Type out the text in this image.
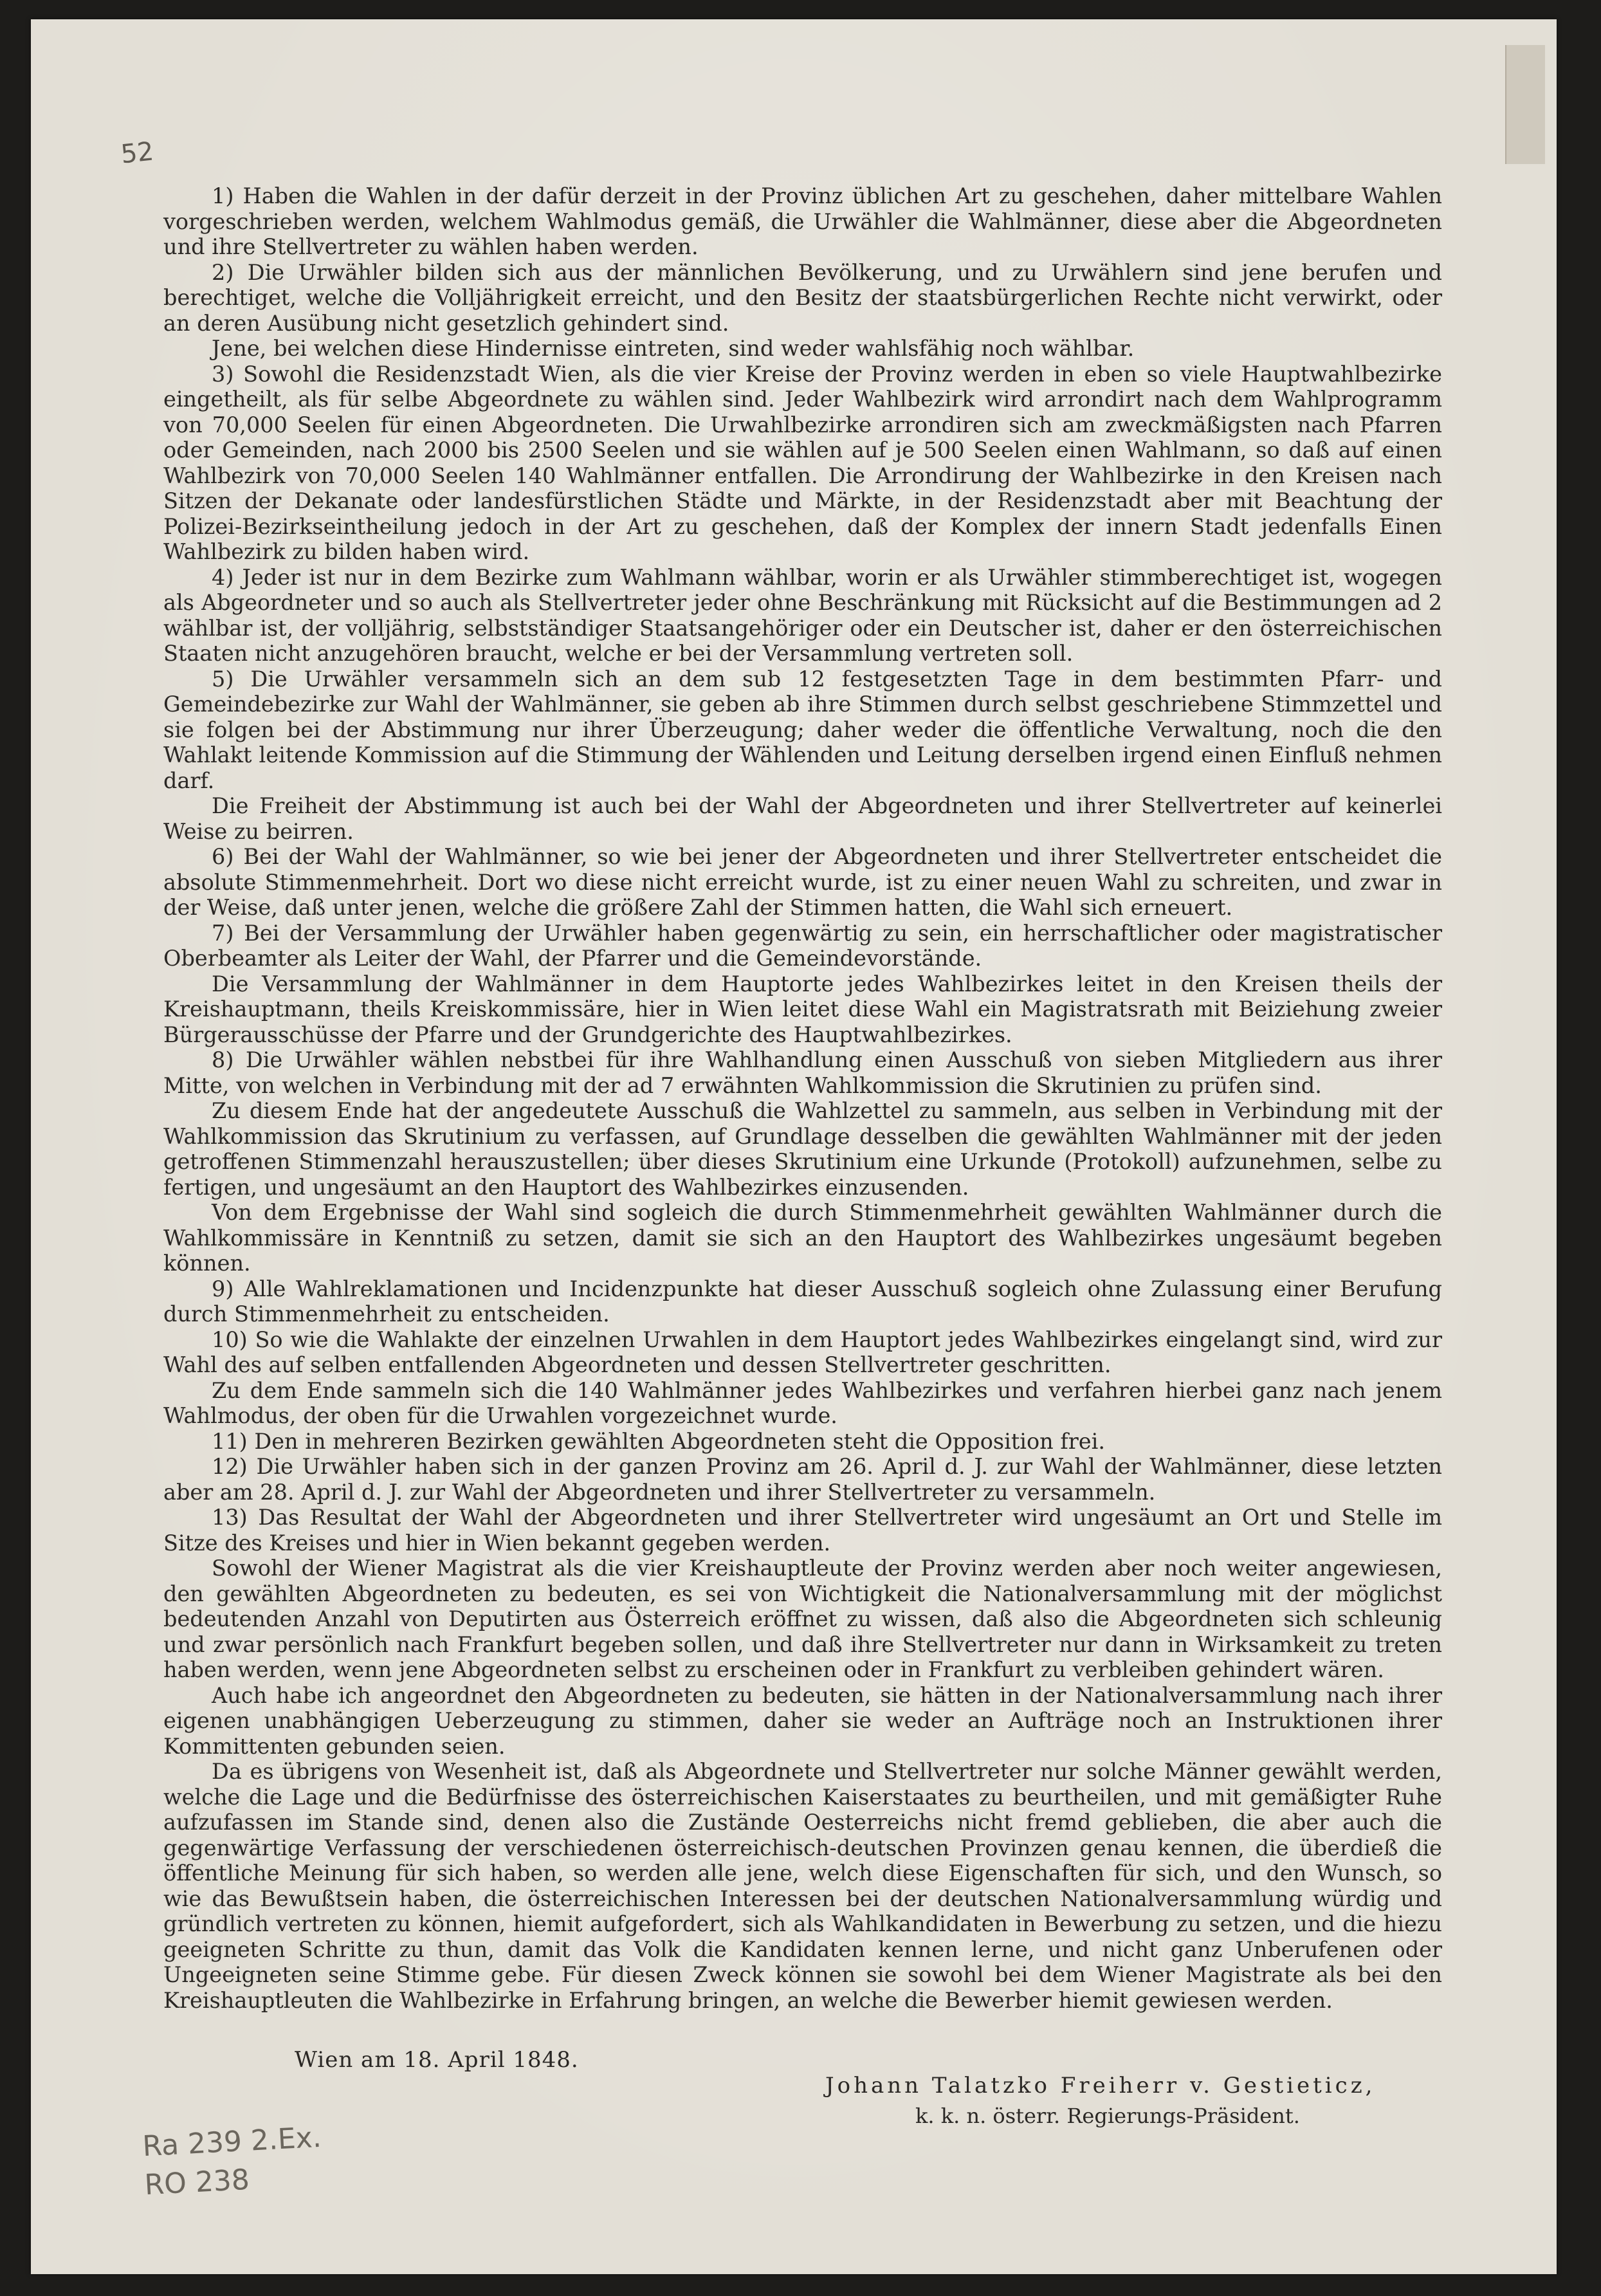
52

1) Haben die Wahlen in der dafür derzeit in der Provinz üblichen Art zu geschehen, daher mittelbare Wahlen vorgeschrieben werden, welchem Wahlmodus gemäß, die Urwähler die Wahlmänner, diese aber die Abgeordneten und ihre Stellvertreter zu wählen haben werden.

2) Die Urwähler bilden sich aus der männlichen Bevölkerung, und zu Urwählern sind jene berufen und berechtiget, welche die Volljährigkeit erreicht, und den Besitz der staatsbürgerlichen Rechte nicht verwirkt, oder an deren Ausübung nicht gesetzlich gehindert sind.

Jene, bei welchen diese Hindernisse eintreten, sind weder wahlsfähig noch wählbar.

3) Sowohl die Residenzstadt Wien, als die vier Kreise der Provinz werden in eben so viele Hauptwahlbezirke eingetheilt, als für selbe Abgeordnete zu wählen sind. Jeder Wahlbezirk wird arrondirt nach dem Wahlprogramm von 70,000 Seelen für einen Abgeordneten. Die Urwahlbezirke arrondiren sich am zweckmäßigsten nach Pfarren oder Gemeinden, nach 2000 bis 2500 Seelen und sie wählen auf je 500 Seelen einen Wahlmann, so daß auf einen Wahlbezirk von 70,000 Seelen 140 Wahlmänner entfallen. Die Arrondirung der Wahlbezirke in den Kreisen nach Sitzen der Dekanate oder landesfürstlichen Städte und Märkte, in der Residenzstadt aber mit Beachtung der Polizei-Bezirkseintheilung jedoch in der Art zu geschehen, daß der Komplex der innern Stadt jedenfalls Einen Wahlbezirk zu bilden haben wird.

4) Jeder ist nur in dem Bezirke zum Wahlmann wählbar, worin er als Urwähler stimmberechtiget ist, wogegen als Abgeordneter und so auch als Stellvertreter jeder ohne Beschränkung mit Rücksicht auf die Bestimmungen ad 2 wählbar ist, der volljährig, selbstständiger Staatsangehöriger oder ein Deutscher ist, daher er den österreichischen Staaten nicht anzugehören braucht, welche er bei der Versammlung vertreten soll.

5) Die Urwähler versammeln sich an dem sub 12 festgesetzten Tage in dem bestimmten Pfarr- und Gemeindebezirke zur Wahl der Wahlmänner, sie geben ab ihre Stimmen durch selbst geschriebene Stimmzettel und sie folgen bei der Abstimmung nur ihrer Überzeugung; daher weder die öffentliche Verwaltung, noch die den Wahlakt leitende Kommission auf die Stimmung der Wählenden und Leitung derselben irgend einen Einfluß nehmen darf.

Die Freiheit der Abstimmung ist auch bei der Wahl der Abgeordneten und ihrer Stellvertreter auf keinerlei Weise zu beirren.

6) Bei der Wahl der Wahlmänner, so wie bei jener der Abgeordneten und ihrer Stellvertreter entscheidet die absolute Stimmenmehrheit. Dort wo diese nicht erreicht wurde, ist zu einer neuen Wahl zu schreiten, und zwar in der Weise, daß unter jenen, welche die größere Zahl der Stimmen hatten, die Wahl sich erneuert.

7) Bei der Versammlung der Urwähler haben gegenwärtig zu sein, ein herrschaftlicher oder magistratischer Oberbeamter als Leiter der Wahl, der Pfarrer und die Gemeindevorstände.

Die Versammlung der Wahlmänner in dem Hauptorte jedes Wahlbezirkes leitet in den Kreisen theils der Kreishauptmann, theils Kreiskommissäre, hier in Wien leitet diese Wahl ein Magistratsrath mit Beiziehung zweier Bürgerausschüsse der Pfarre und der Grundgerichte des Hauptwahlbezirkes.

8) Die Urwähler wählen nebstbei für ihre Wahlhandlung einen Ausschuß von sieben Mitgliedern aus ihrer Mitte, von welchen in Verbindung mit der ad 7 erwähnten Wahlkommission die Skrutinien zu prüfen sind.

Zu diesem Ende hat der angedeutete Ausschuß die Wahlzettel zu sammeln, aus selben in Verbindung mit der Wahlkommission das Skrutinium zu verfassen, auf Grundlage desselben die gewählten Wahlmänner mit der jeden getroffenen Stimmenzahl herauszustellen; über dieses Skrutinium eine Urkunde (Protokoll) aufzunehmen, selbe zu fertigen, und ungesäumt an den Hauptort des Wahlbezirkes einzusenden.

Von dem Ergebnisse der Wahl sind sogleich die durch Stimmenmehrheit gewählten Wahlmänner durch die Wahlkommissäre in Kenntniß zu setzen, damit sie sich an den Hauptort des Wahlbezirkes ungesäumt begeben können.

9) Alle Wahlreklamationen und Incidenzpunkte hat dieser Ausschuß sogleich ohne Zulassung einer Berufung durch Stimmenmehrheit zu entscheiden.

10) So wie die Wahlakte der einzelnen Urwahlen in dem Hauptort jedes Wahlbezirkes eingelangt sind, wird zur Wahl des auf selben entfallenden Abgeordneten und dessen Stellvertreter geschritten.

Zu dem Ende sammeln sich die 140 Wahlmänner jedes Wahlbezirkes und verfahren hierbei ganz nach jenem Wahlmodus, der oben für die Urwahlen vorgezeichnet wurde.

11) Den in mehreren Bezirken gewählten Abgeordneten steht die Opposition frei.

12) Die Urwähler haben sich in der ganzen Provinz am 26. April d. J. zur Wahl der Wahlmänner, diese letzten aber am 28. April d. J. zur Wahl der Abgeordneten und ihrer Stellvertreter zu versammeln.

13) Das Resultat der Wahl der Abgeordneten und ihrer Stellvertreter wird ungesäumt an Ort und Stelle im Sitze des Kreises und hier in Wien bekannt gegeben werden.

Sowohl der Wiener Magistrat als die vier Kreishauptleute der Provinz werden aber noch weiter angewiesen, den gewählten Abgeordneten zu bedeuten, es sei von Wichtigkeit die Nationalversammlung mit der möglichst bedeutenden Anzahl von Deputirten aus Österreich eröffnet zu wissen, daß also die Abgeordneten sich schleunig und zwar persönlich nach Frankfurt begeben sollen, und daß ihre Stellvertreter nur dann in Wirksamkeit zu treten haben werden, wenn jene Abgeordneten selbst zu erscheinen oder in Frankfurt zu verbleiben gehindert wären.

Auch habe ich angeordnet den Abgeordneten zu bedeuten, sie hätten in der Nationalversammlung nach ihrer eigenen unabhängigen Ueberzeugung zu stimmen, daher sie weder an Aufträge noch an Instruktionen ihrer Kommittenten gebunden seien.

Da es übrigens von Wesenheit ist, daß als Abgeordnete und Stellvertreter nur solche Männer gewählt werden, welche die Lage und die Bedürfnisse des österreichischen Kaiserstaates zu beurtheilen, und mit gemäßigter Ruhe aufzufassen im Stande sind, denen also die Zustände Oesterreichs nicht fremd geblieben, die aber auch die gegenwärtige Verfassung der verschiedenen österreichisch-deutschen Provinzen genau kennen, die überdieß die öffentliche Meinung für sich haben, so werden alle jene, welch diese Eigenschaften für sich, und den Wunsch, so wie das Bewußtsein haben, die österreichischen Interessen bei der deutschen Nationalversammlung würdig und gründlich vertreten zu können, hiemit aufgefordert, sich als Wahlkandidaten in Bewerbung zu setzen, und die hiezu geeigneten Schritte zu thun, damit das Volk die Kandidaten kennen lerne, und nicht ganz Unberufenen oder Ungeeigneten seine Stimme gebe. Für diesen Zweck können sie sowohl bei dem Wiener Magistrate als bei den Kreishauptleuten die Wahlbezirke in Erfahrung bringen, an welche die Bewerber hiemit gewiesen werden.

Wien am 18. April 1848.
Johann Talatzko Freiherr v. Gestieticz,
k. k. n. österr. Regierungs-Präsident.
Ra 239 2.Ex.
RO 238
